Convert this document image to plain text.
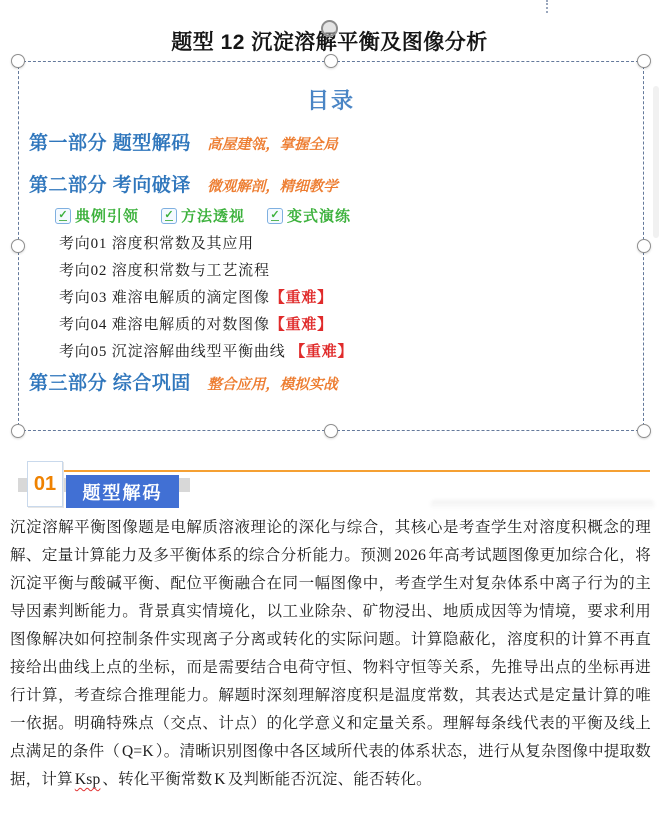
题型 12 沉淀溶解平衡及图像分析
目录
第一部分 题型解码 高屋建瓴，掌握全局
第二部分 考向破译 微观解剖，精细教学
✓ 典例引领	✓ 方法透视	✓ 变式演练
考向01 溶度积常数及其应用
考向02 溶度积常数与工艺流程
考向03 难溶电解质的滴定图像【重难】
考向04 难溶电解质的对数图像【重难】
考向05 沉淀溶解曲线型平衡曲线 【重难】
第三部分 综合巩固 整合应用，模拟实战
01	题型解码

沉淀溶解平衡图像题是电解质溶液理论的深化与综合，其核心是考查学生对溶度积概念的理解、定量计算能力及多平衡体系的综合分析能力。预测 2026 年高考试题图像更加综合化，将沉淀平衡与酸碱平衡、配位平衡融合在同一幅图像中，考查学生对复杂体系中离子行为的主导因素判断能力。背景真实情境化，以工业除杂、矿物浸出、地质成因等为情境，要求利用图像解决如何控制条件实现离子分离或转化的实际问题。计算隐蔽化，溶度积的计算不再直接给出曲线上点的坐标，而是需要结合电荷守恒、物料守恒等关系，先推导出点的坐标再进行计算，考查综合推理能力。解题时深刻理解溶度积是温度常数，其表达式是定量计算的唯一依据。明确特殊点（交点、计点）的化学意义和定量关系。理解每条线代表的平衡及线上点满足的条件（ Q=K ）。清晰识别图像中各区域所代表的体系状态，进行从复杂图像中提取数据，计算 Ksp 、转化平衡常数 K 及判断能否沉淀、能否转化。
